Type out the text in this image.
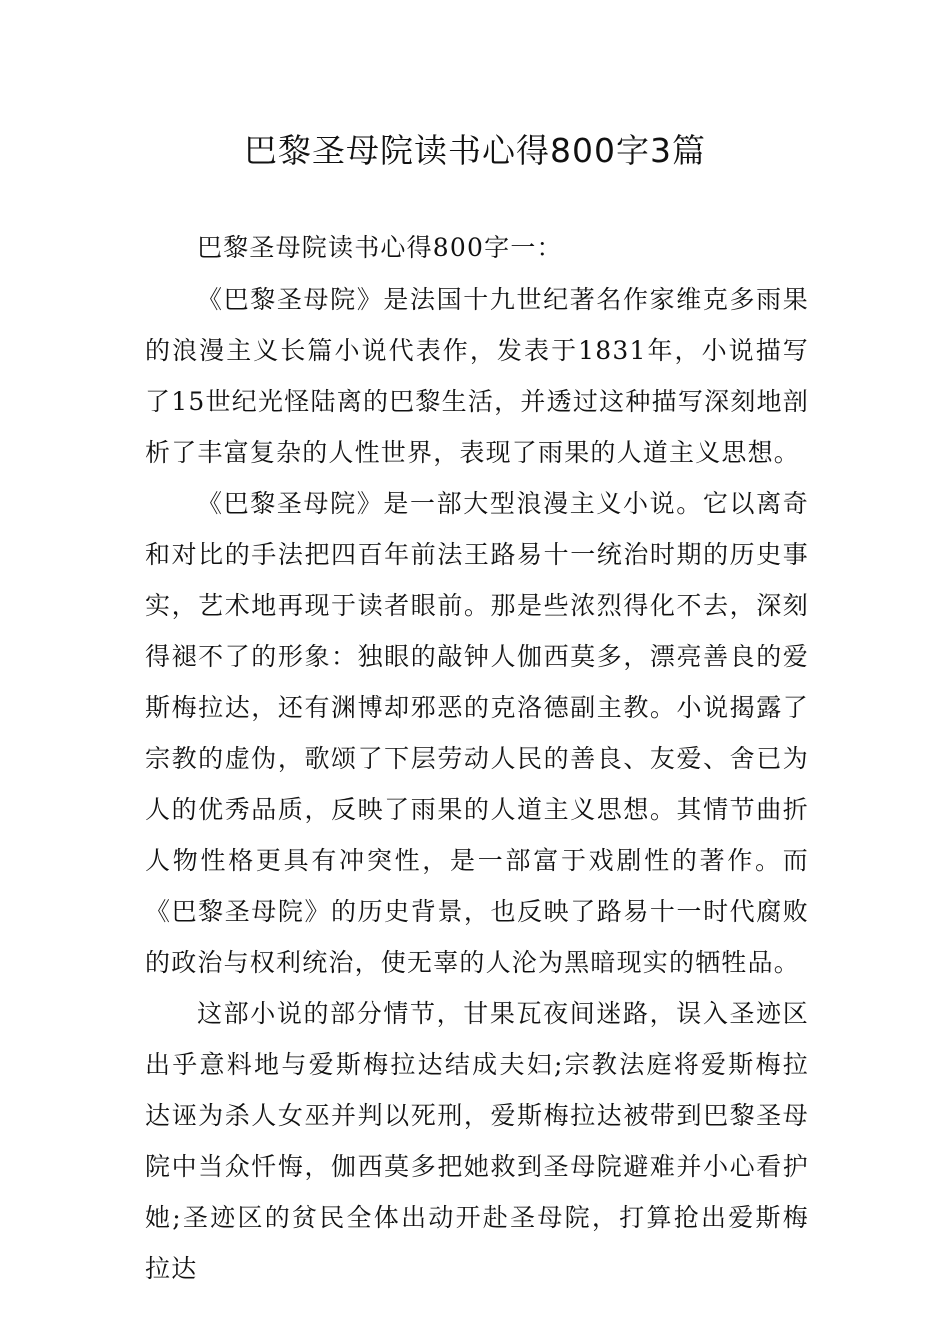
巴黎圣母院读书心得800字3篇

巴黎圣母院读书心得800字一：

《巴黎圣母院》是法国十九世纪著名作家维克多雨果的浪漫主义长篇小说代表作，发表于1831年，小说描写了15世纪光怪陆离的巴黎生活，并透过这种描写深刻地剖析了丰富复杂的人性世界，表现了雨果的人道主义思想。

《巴黎圣母院》是一部大型浪漫主义小说。它以离奇和对比的手法把四百年前法王路易十一统治时期的历史事实，艺术地再现于读者眼前。那是些浓烈得化不去，深刻得褪不了的形象：独眼的敲钟人伽西莫多，漂亮善良的爱斯梅拉达，还有渊博却邪恶的克洛德副主教。小说揭露了宗教的虚伪，歌颂了下层劳动人民的善良、友爱、舍已为人的优秀品质，反映了雨果的人道主义思想。其情节曲折人物性格更具有冲突性，是一部富于戏剧性的著作。而《巴黎圣母院》的历史背景，也反映了路易十一时代腐败的政治与权利统治，使无辜的人沦为黑暗现实的牺牲品。

这部小说的部分情节，甘果瓦夜间迷路，误入圣迹区出乎意料地与爱斯梅拉达结成夫妇;宗教法庭将爱斯梅拉达诬为杀人女巫并判以死刑，爱斯梅拉达被带到巴黎圣母院中当众忏悔，伽西莫多把她救到圣母院避难并小心看护她;圣迹区的贫民全体出动开赴圣母院，打算抢出爱斯梅拉达
